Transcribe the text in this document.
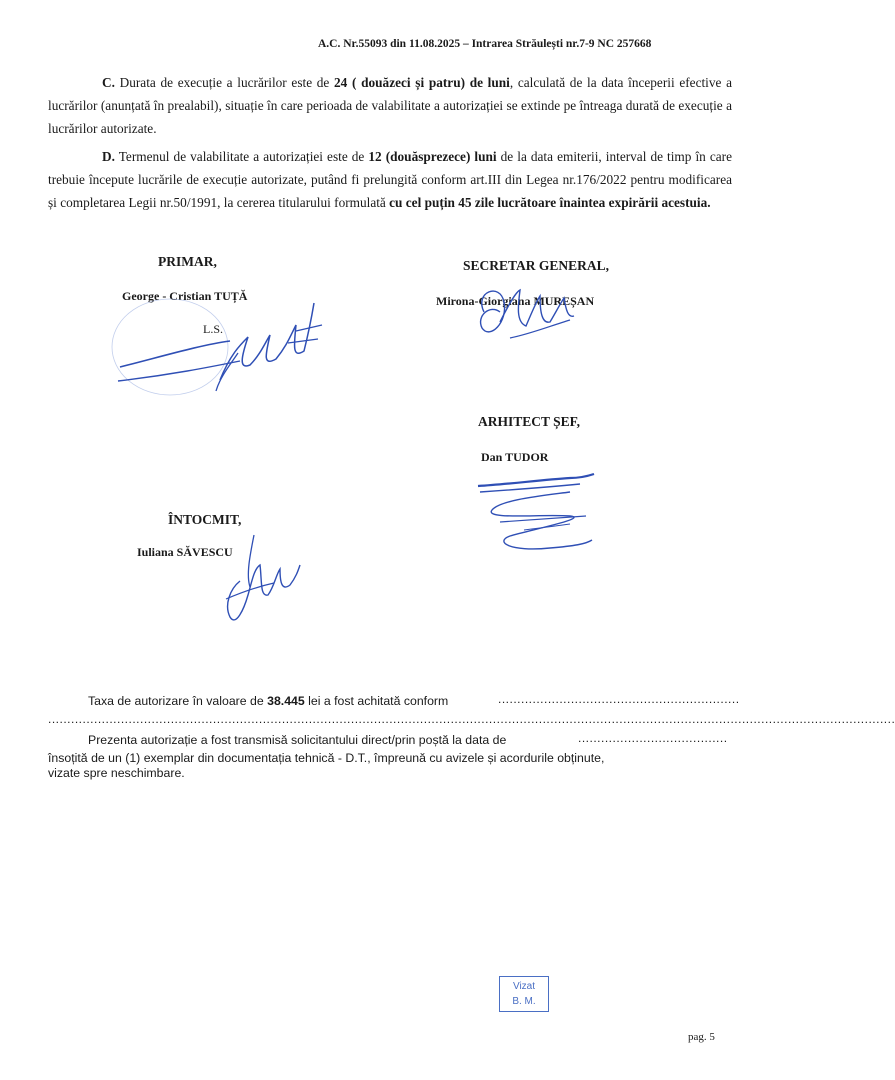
A.C. Nr.55093 din 11.08.2025 – Intrarea Străulești nr.7-9 NC 257668
C. Durata de execuție a lucrărilor este de 24 ( douăzeci și patru) de luni, calculată de la data începerii efective a lucrărilor (anunțată în prealabil), situație în care perioada de valabilitate a autorizației se extinde pe întreaga durată de execuție a lucrărilor autorizate.
D. Termenul de valabilitate a autorizației este de 12 (douăsprezece) luni de la data emiterii, interval de timp în care trebuie începute lucrările de execuție autorizate, putând fi prelungită conform art.III din Legea nr.176/2022 pentru modificarea și completarea Legii nr.50/1991, la cererea titularului formulată cu cel puțin 45 zile lucrătoare înaintea expirării acestuia.
PRIMAR,
George - Cristian TUȚĂ
L.S.
SECRETAR GENERAL,
Mirona-Giorgiana MUREȘAN
ARHITECT ȘEF,
Dan TUDOR
ÎNTOCMIT,
Iuliana SĂVESCU
Taxa de autorizare în valoare de 38.445 lei a fost achitată conform	...............................................................
.............................................................................................................................................................................................................................
Prezenta autorizație a fost transmisă solicitantului direct/prin poștă la data de	.......................................
însoțită de un (1) exemplar din documentația tehnică - D.T., împreună cu avizele și acordurile obținute,
vizate spre neschimbare.
Vizat
B. M.
pag. 5
